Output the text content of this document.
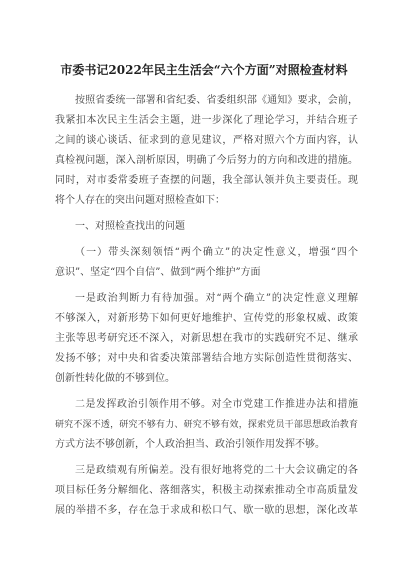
市委书记2022年民主生活会“六个方面”对照检查材料
按照省委统一部署和省纪委、省委组织部《通知》要求，会前，
我紧扣本次民主生活会主题，进一步深化了理论学习，并结合班子
之间的谈心谈话、征求到的意见建议，严格对照六个方面内容，认
真检视问题，深入剖析原因，明确了今后努力的方向和改进的措施。
同时，对市委常委班子查摆的问题，我全部认领并负主要责任。现
将个人存在的突出问题对照检查如下：
一、对照检查找出的问题
（一）带头深刻领悟“两个确立”的决定性意义，增强“四个
意识”、坚定“四个自信”、做到“两个维护”方面
一是政治判断力有待加强。对“两个确立”的决定性意义理解
不够深入，对新形势下如何更好地维护、宣传党的形象权威、政策
主张等思考研究还不深入，对新思想在我市的实践研究不足、继承
发扬不够；对中央和省委决策部署结合地方实际创造性贯彻落实、
创新性转化做的不够到位。
二是发挥政治引领作用不够。对全市党建工作推进办法和措施
研究不深不透，研究不够有力、研究不够有效，探索党员干部思想政治教育
方式方法不够创新，个人政治担当、政治引领作用发挥不够。
三是政绩观有所偏差。没有很好地将党的二十大会议确定的各
项目标任务分解细化、落细落实，积极主动探索推动全市高质量发
展的举措不多，存在急于求成和松口气、歇一歇的思想，深化改革
